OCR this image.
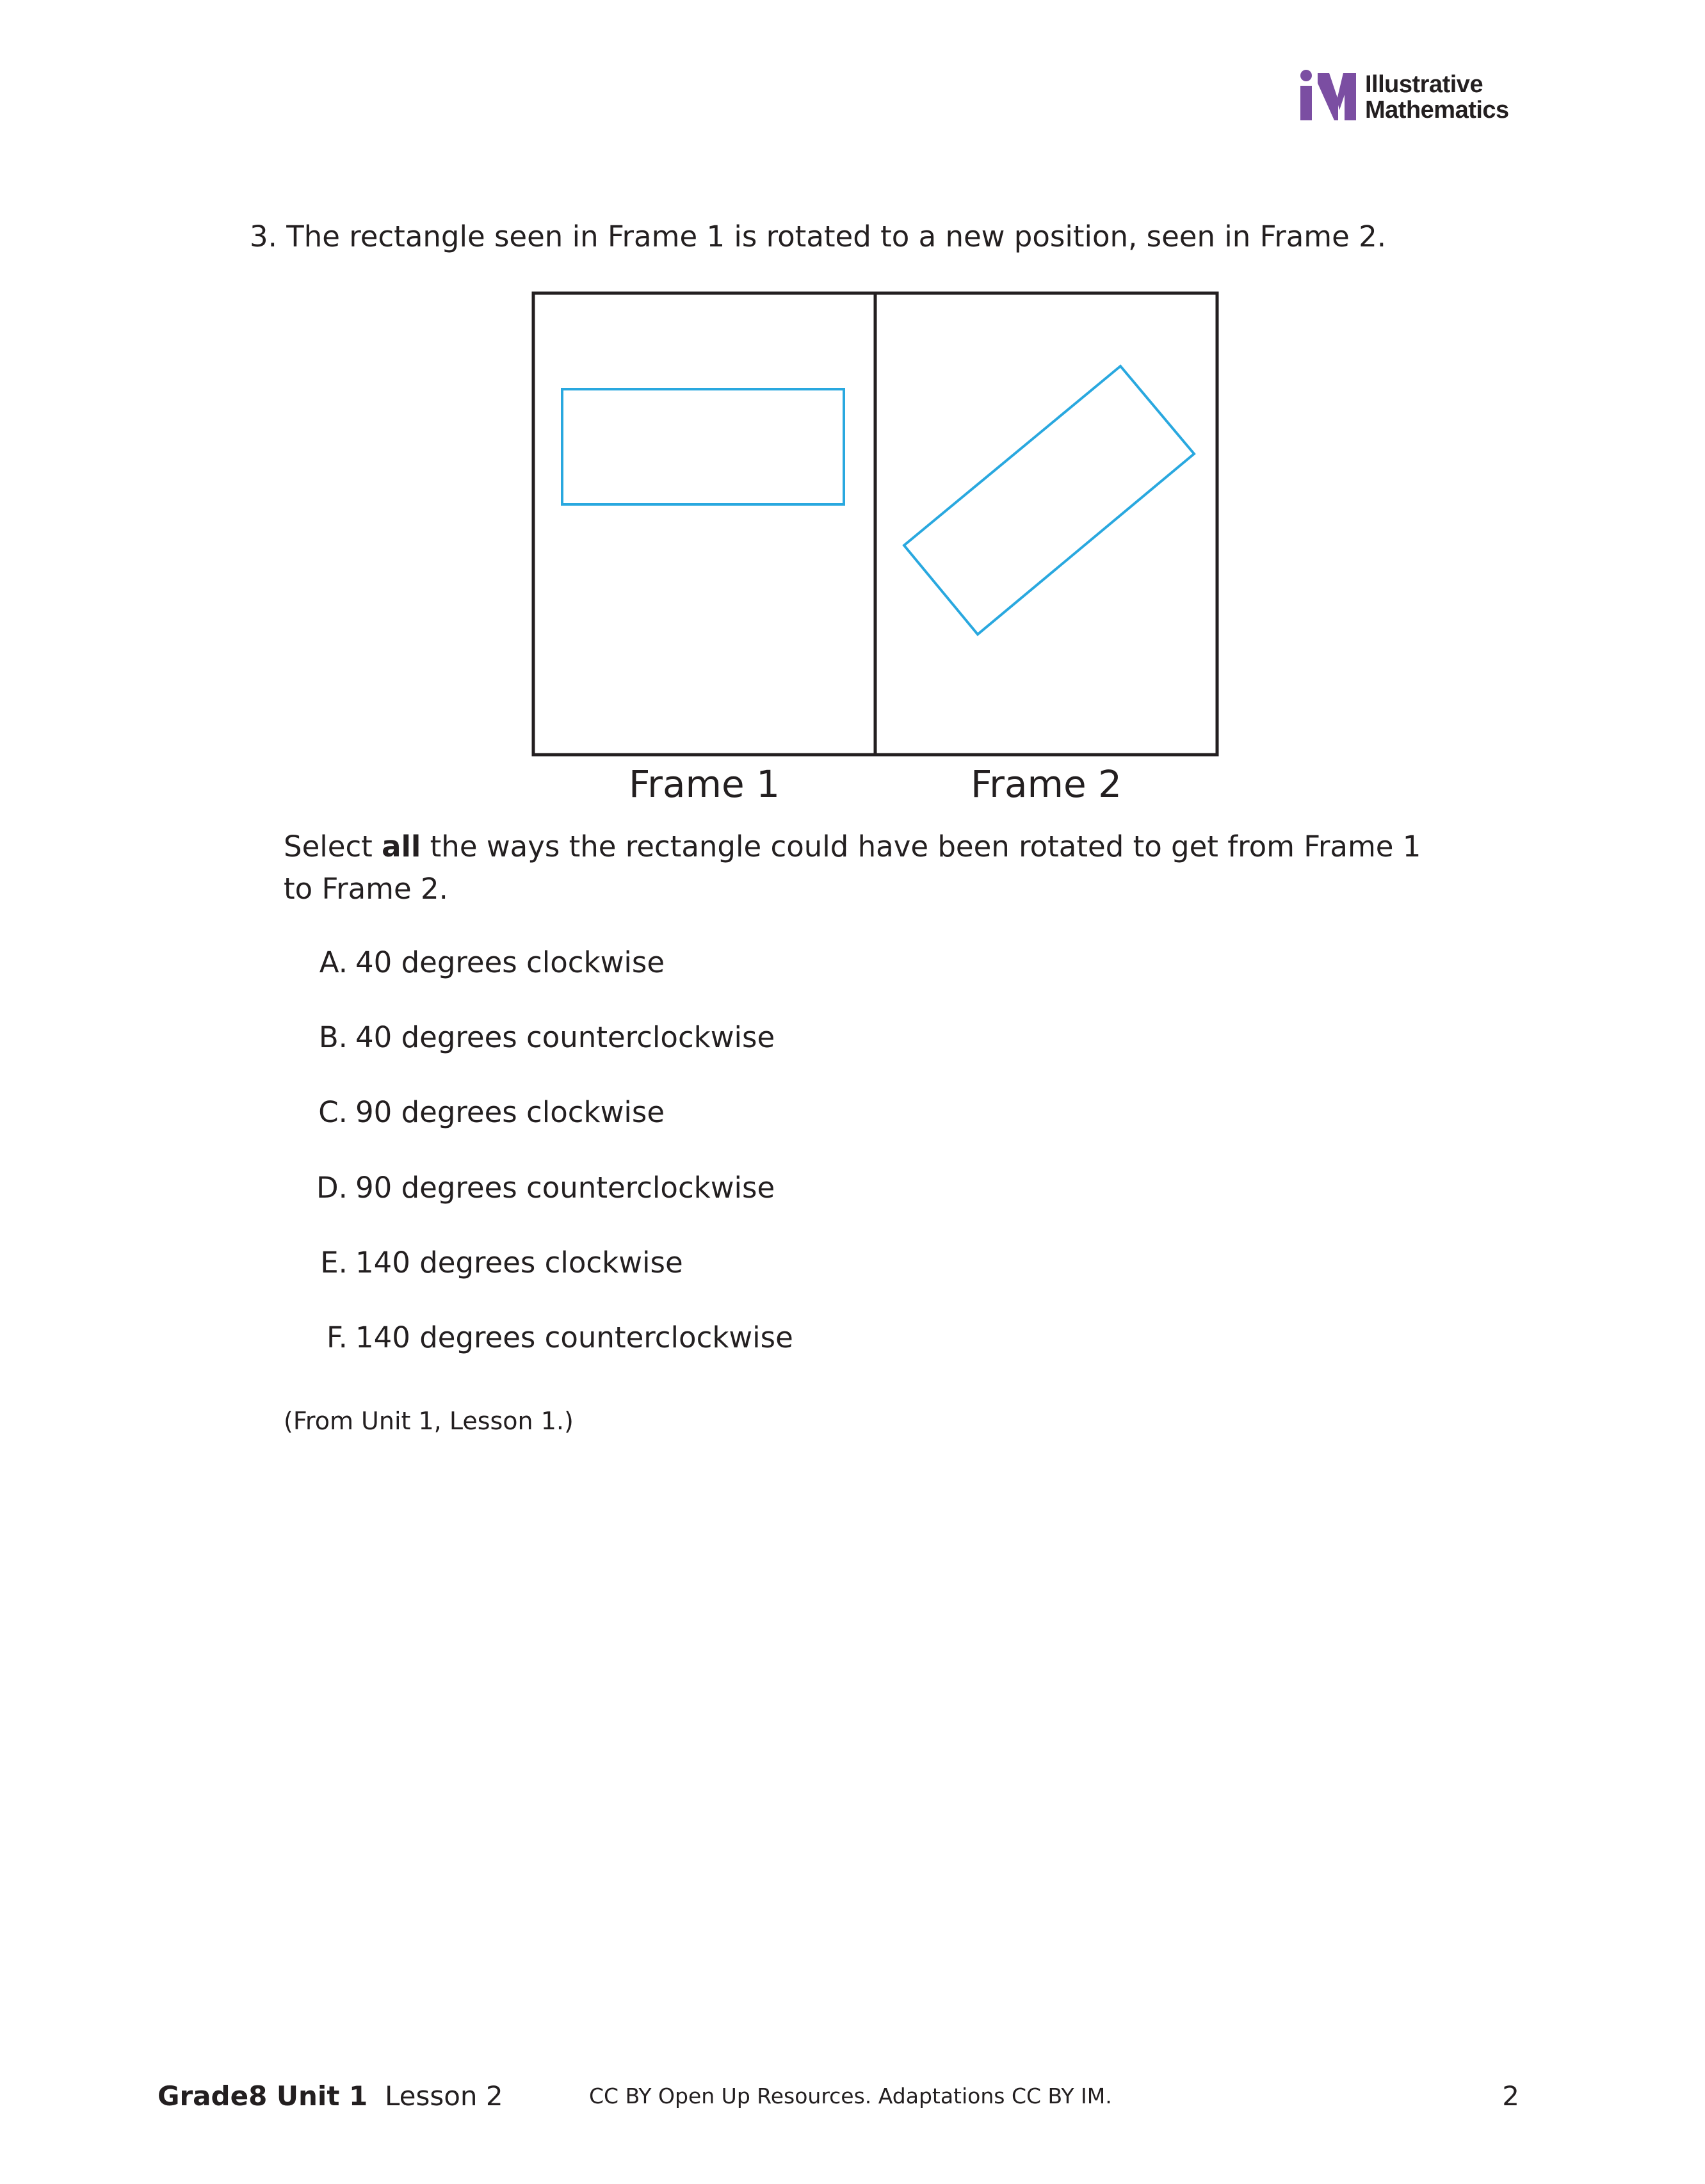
Illustrative
Mathematics
3. The rectangle seen in Frame 1 is rotated to a new position, seen in Frame 2.
Frame 1	Frame 2
Select all the ways the rectangle could have been rotated to get from Frame 1 to Frame 2.
A. 40 degrees clockwise
B. 40 degrees counterclockwise
C. 90 degrees clockwise
D. 90 degrees counterclockwise
E. 140 degrees clockwise
F. 140 degrees counterclockwise
(From Unit 1, Lesson 1.)
Grade8 Unit 1 Lesson 2	CC BY Open Up Resources. Adaptations CC BY IM.	2
